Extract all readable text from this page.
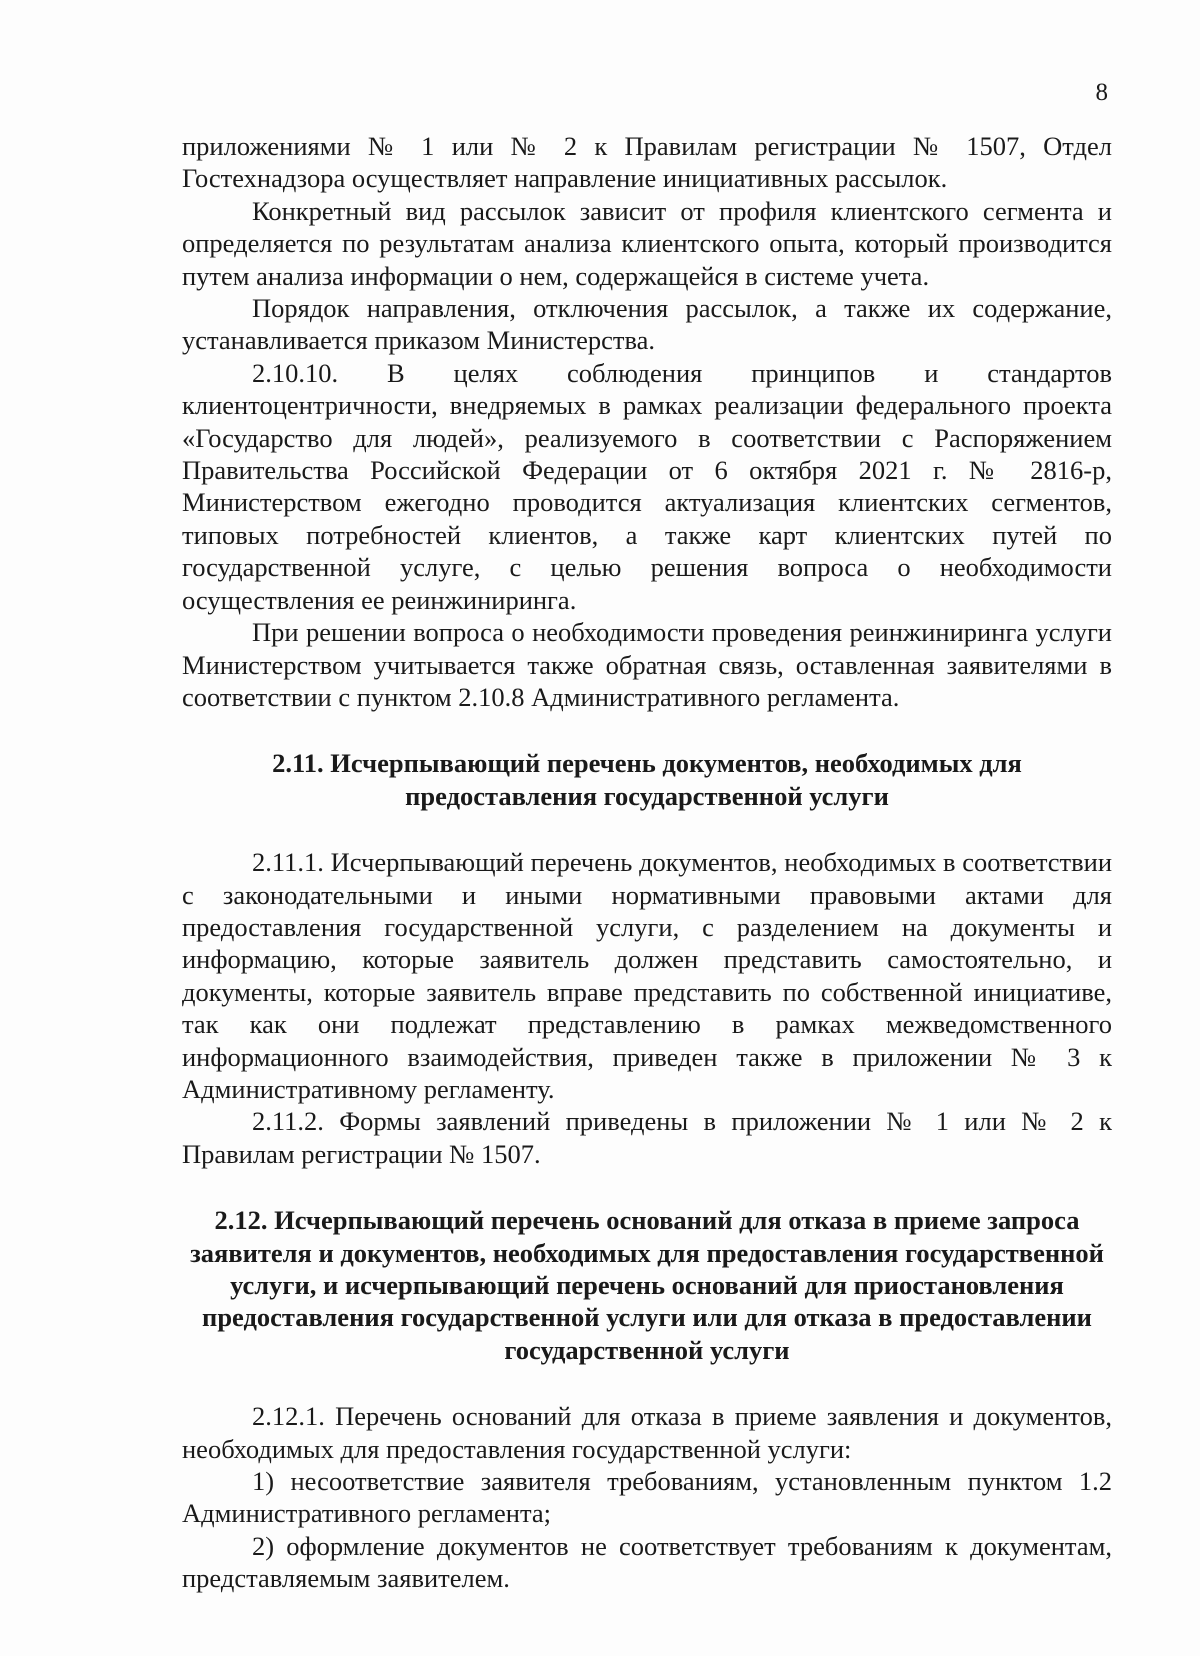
8

приложениями № 1 или № 2 к Правилам регистрации № 1507, Отдел Гостехнадзора осуществляет направление инициативных рассылок.

Конкретный вид рассылок зависит от профиля клиентского сегмента и определяется по результатам анализа клиентского опыта, который производится путем анализа информации о нем, содержащейся в системе учета.

Порядок направления, отключения рассылок, а также их содержание, устанавливается приказом Министерства.

2.10.10. В целях соблюдения принципов и стандартов клиентоцентричности, внедряемых в рамках реализации федерального проекта «Государство для людей», реализуемого в соответствии с Распоряжением Правительства Российской Федерации от 6 октября 2021 г. № 2816-р, Министерством ежегодно проводится актуализация клиентских сегментов, типовых потребностей клиентов, а также карт клиентских путей по государственной услуге, с целью решения вопроса о необходимости осуществления ее реинжиниринга.

При решении вопроса о необходимости проведения реинжиниринга услуги Министерством учитывается также обратная связь, оставленная заявителями в соответствии с пунктом 2.10.8 Административного регламента.

2.11. Исчерпывающий перечень документов, необходимых для предоставления государственной услуги

2.11.1. Исчерпывающий перечень документов, необходимых в соответствии с законодательными и иными нормативными правовыми актами для предоставления государственной услуги, с разделением на документы и информацию, которые заявитель должен представить самостоятельно, и документы, которые заявитель вправе представить по собственной инициативе, так как они подлежат представлению в рамках межведомственного информационного взаимодействия, приведен также в приложении № 3 к Административному регламенту.

2.11.2. Формы заявлений приведены в приложении № 1 или № 2 к Правилам регистрации № 1507.

2.12. Исчерпывающий перечень оснований для отказа в приеме запроса заявителя и документов, необходимых для предоставления государственной услуги, и исчерпывающий перечень оснований для приостановления предоставления государственной услуги или для отказа в предоставлении государственной услуги

2.12.1. Перечень оснований для отказа в приеме заявления и документов, необходимых для предоставления государственной услуги:

1) несоответствие заявителя требованиям, установленным пунктом 1.2 Административного регламента;

2) оформление документов не соответствует требованиям к документам, представляемым заявителем.
